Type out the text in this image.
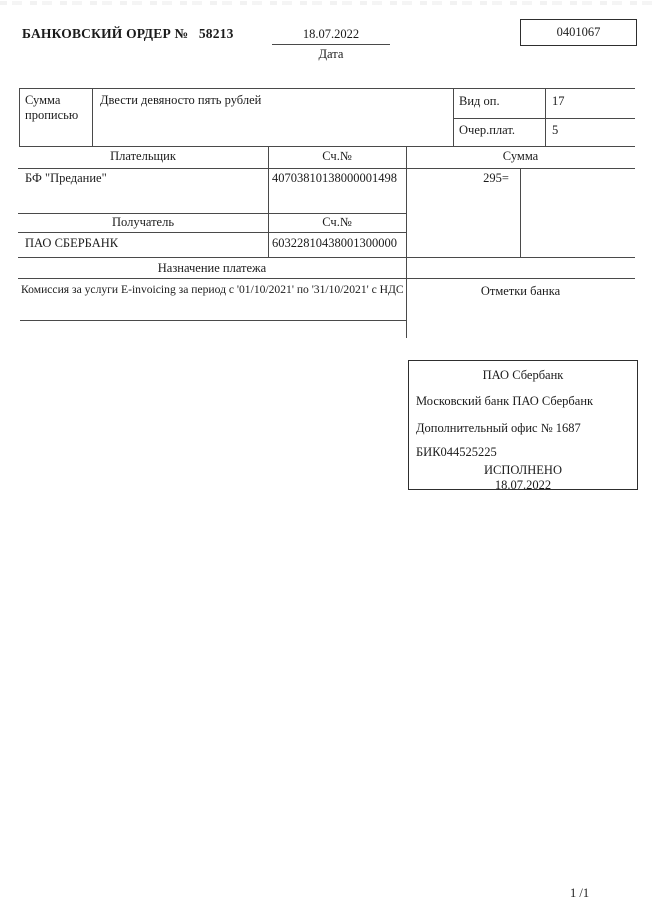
БАНКОВСКИЙ ОРДЕР № 58213	18.07.2022
Дата
0401067
Сумма прописью
Двести девяносто пять рублей	Вид оп.	17
Очер.плат.	5
Плательщик	Сч.№	Сумма
БФ "Предание"	40703810138000001498	295=
Получатель	Сч.№
ПАО СБЕРБАНК	60322810438001300000
Назначение платежа
Комиссия за услуги E-invoicing за период с '01/10/2021' по '31/10/2021' с НДС	Отметки банка
ПАО Сбербанк
Московский банк ПАО Сбербанк
Дополнительный офис № 1687
БИК044525225
ИСПОЛНЕНО
18.07.2022
1 /1
